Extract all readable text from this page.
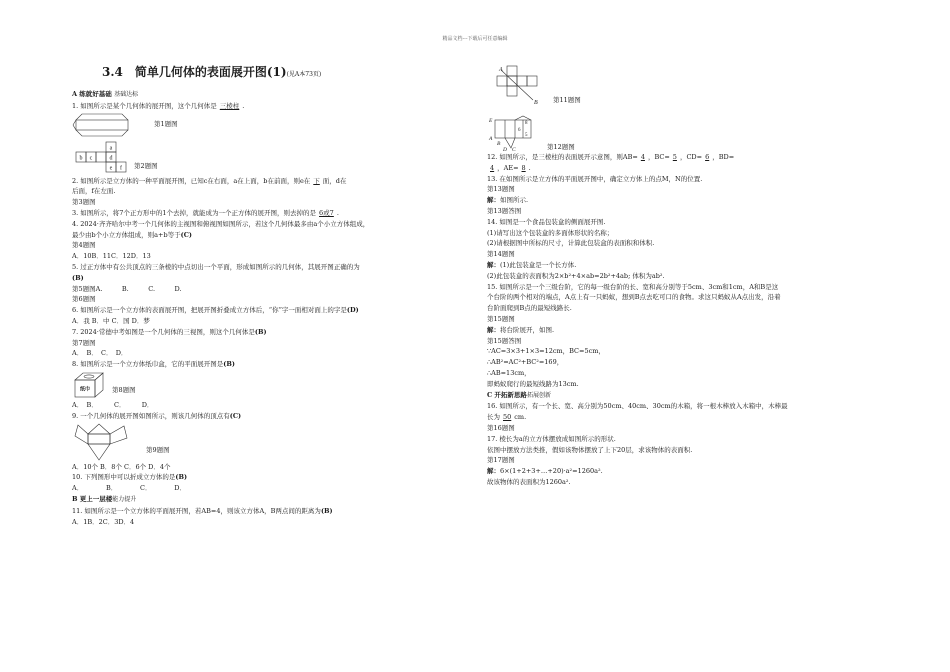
精品文档---下载后可任意编辑
3.4　简单几何体的表面展开图(1)(见A本73页)
A 练就好基础 基础达标
1. 如图所示是某个几何体的展开图，这个几何体是 三棱柱 .
第1题图
a
b c	d
e f 第2题图
2. 如图所示是立方体的一种平面展开图，已知c在右面，a在上面，b在前面，则e在 下 面，d在
后面，f在左面.
第3题图
3. 如图所示，将7个正方形中的1个去掉，就能成为一个正方体的展开图，则去掉的是 6或7 .
4. 2024·齐齐哈尔中考一个几何体的主视图和俯视图如图所示，若这个几何体最多由a个小立方体组成，
最少由b个小立方体组成，则a+b等于(C)
第4题图
A．10B．11C．12D．13
5. 过正方体中有公共顶点的三条棱的中点切出一个平面，形成如图所示的几何体，其展开图正确的为
(B)
第5题图A.　　　B.　　　C.　　　D.
第6题图
6. 如图所示是一个立方体的表面展开图，把展开图折叠成立方体后，“你”字一面相对面上的字是(D)
A．我 B．中 C．国 D．梦
7. 2024·常德中考如图是一个几何体的三视图，则这个几何体是(B)
第7题图
A．　B．　C．　D．
8. 如图所示是一个立方体纸巾盒，它的平面展开图是(B)
纸巾	第8题图
A．　B．　　　C．　　　D．
9. 一个几何体的展开图如图所示，则该几何体的顶点有(C)
第9题图
A．10个 B．8个 C．6个 D．4个
10. 下列图形中可以折成立方体的是(B)
A．　　　　B．　　　　C．　　　　D．
B 更上一层楼能力提升
11. 如图所示是一个立方体的平面展开图，若AB=4，则该立方体A，B两点间的距离为(B)
A．1B．2C．3D．4
A
B 第11题图
E
A
B
C
D
8
6
5
第12题图
12. 如图所示，是三棱柱的表面展开示意图，则AB= 4 ，BC= 5 ，CD= 6 ，BD=
4 ，AE= 8 .
13. 在如图所示是立方体的平面展开图中，确定立方体上的点M，N的位置.
第13题图
解：如图所示.
第13题答图
14. 如图是一个食品包装盒的侧面展开图.
(1)请写出这个包装盒的多面体形状的名称；
(2)请根据图中所标的尺寸，计算此包装盒的表面积和体积.
第14题图
解：(1)此包装盒是一个长方体.
(2)此包装盒的表面积为2×b²+4×ab=2b²+4ab; 体积为ab².
15. 如图所示是一个三级台阶，它的每一级台阶的长、宽和高分别等于5cm、3cm和1cm，A和B是这
个台阶的两个相对的端点，A点上有一只蚂蚁，想到B点去吃可口的食物。求这只蚂蚁从A点出发，沿着
台阶面爬到B点的最短线路长.
第15题图
解：将台阶展开，如图.
第15题答图
∵AC=3×3+1×3=12cm，BC=5cm，
∴AB²=AC²+BC²=169，
∴AB=13cm，
即蚂蚁爬行的最短线路为13cm.
C 开拓新思路拓展创新
16. 如图所示，有一个长、宽、高分别为50cm、40cm、30cm的木箱，将一根木棒放入木箱中，木棒最
长为 50 cm.
第16题图
17. 棱长为a的立方体摆放成如图所示的形状.
依图中摆放方法类推，假如该物体摆放了上下20层，求该物体的表面积.
第17题图
解：6×(1+2+3+…+20)·a²=1260a².
故该物体的表面积为1260a².
